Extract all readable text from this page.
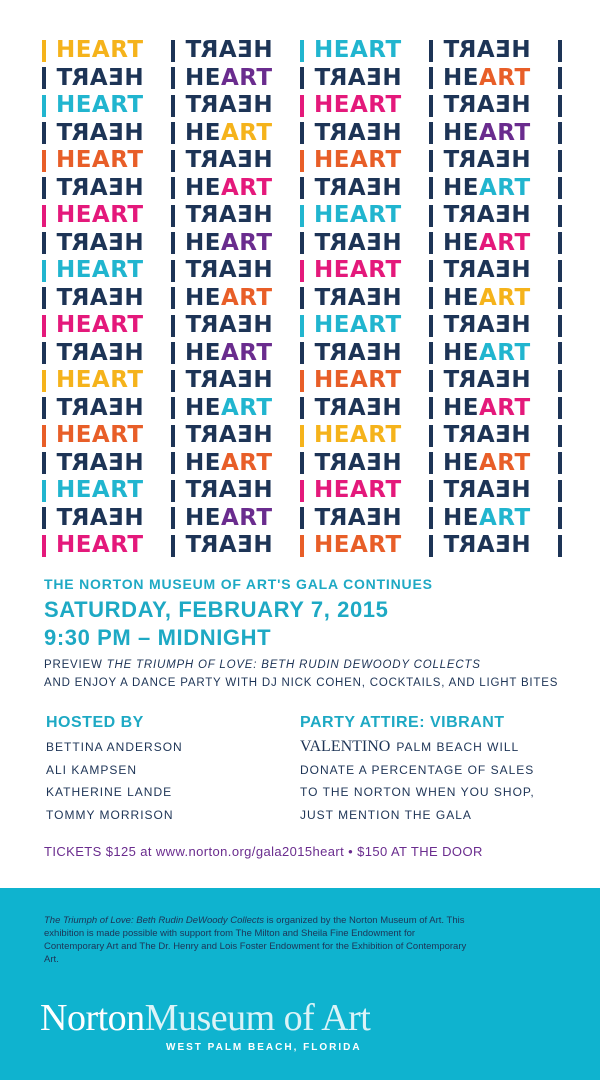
HEART	HEART	HEART	HEART
HEART	HEART	HEART	HEART
HEART	HEART	HEART	HEART
HEART	HEART	HEART	HEART
HEART	HEART	HEART	HEART
HEART	HEART	HEART	HEART
HEART	HEART	HEART	HEART
HEART	HEART	HEART	HEART
HEART	HEART	HEART	HEART
HEART	HEART	HEART	HEART
HEART	HEART	HEART	HEART
HEART	HEART	HEART	HEART
HEART	HEART	HEART	HEART
HEART	HEART	HEART	HEART
HEART	HEART	HEART	HEART
HEART	HEART	HEART	HEART
HEART	HEART	HEART	HEART
HEART	HEART	HEART	HEART
HEART	HEART	HEART	HEART
THE NORTON MUSEUM OF ART'S GALA CONTINUES
SATURDAY, FEBRUARY 7, 2015
9:30 PM – MIDNIGHT
PREVIEW THE TRIUMPH OF LOVE: BETH RUDIN DEWOODY COLLECTS
AND ENJOY A DANCE PARTY WITH DJ NICK COHEN, COCKTAILS, AND LIGHT BITES
HOSTED BY
BETTINA ANDERSON
ALI KAMPSEN
KATHERINE LANDE
TOMMY MORRISON
PARTY ATTIRE: VIBRANT
VALENTINO PALM BEACH WILL
DONATE A PERCENTAGE OF SALES
TO THE NORTON WHEN YOU SHOP,
JUST MENTION THE GALA
TICKETS $125 at www.norton.org/gala2015heart • $150 AT THE DOOR
The Triumph of Love: Beth Rudin DeWoody Collects is organized by the Norton Museum of Art. This exhibition is made possible with support from The Milton and Sheila Fine Endowment for Contemporary Art and The Dr. Henry and Lois Foster Endowment for the Exhibition of Contemporary Art.
NortonMuseum of Art
WEST PALM BEACH, FLORIDA
